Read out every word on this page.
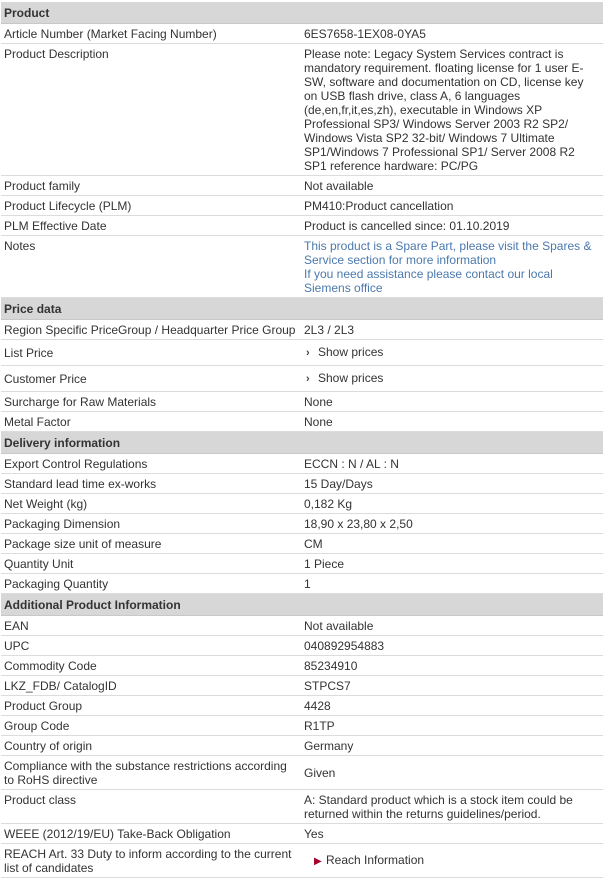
Product	
Article Number (Market Facing Number)	6ES7658-1EX08-0YA5
Product Description	Please note: Legacy System Services contract is mandatory requirement. floating license for 1 user E-SW, software and documentation on CD, license key on USB flash drive, class A, 6 languages (de,en,fr,it,es,zh), executable in Windows XP Professional SP3/ Windows Server 2003 R2 SP2/ Windows Vista SP2 32-bit/ Windows 7 Ultimate SP1/Windows 7 Professional SP1/ Server 2008 R2 SP1 reference hardware: PC/PG
Product family	Not available
Product Lifecycle (PLM)	PM410:Product cancellation
PLM Effective Date	Product is cancelled since: 01.10.2019
Notes	This product is a Spare Part, please visit the Spares & Service section for more information
If you need assistance please contact our local Siemens office
Price data	
Region Specific PriceGroup / Headquarter Price Group	2L3 / 2L3
List Price	› Show prices
Customer Price	› Show prices
Surcharge for Raw Materials	None
Metal Factor	None
Delivery information	
Export Control Regulations	ECCN : N / AL : N
Standard lead time ex-works	15 Day/Days
Net Weight (kg)	0,182 Kg
Packaging Dimension	18,90 x 23,80 x 2,50
Package size unit of measure	CM
Quantity Unit	1 Piece
Packaging Quantity	1
Additional Product Information	
EAN	Not available
UPC	040892954883
Commodity Code	85234910
LKZ_FDB/ CatalogID	STPCS7
Product Group	4428
Group Code	R1TP
Country of origin	Germany
Compliance with the substance restrictions according to RoHS directive	Given
Product class	A: Standard product which is a stock item could be returned within the returns guidelines/period.
WEEE (2012/19/EU) Take-Back Obligation	Yes
REACH Art. 33 Duty to inform according to the current list of candidates	▶ Reach Information
